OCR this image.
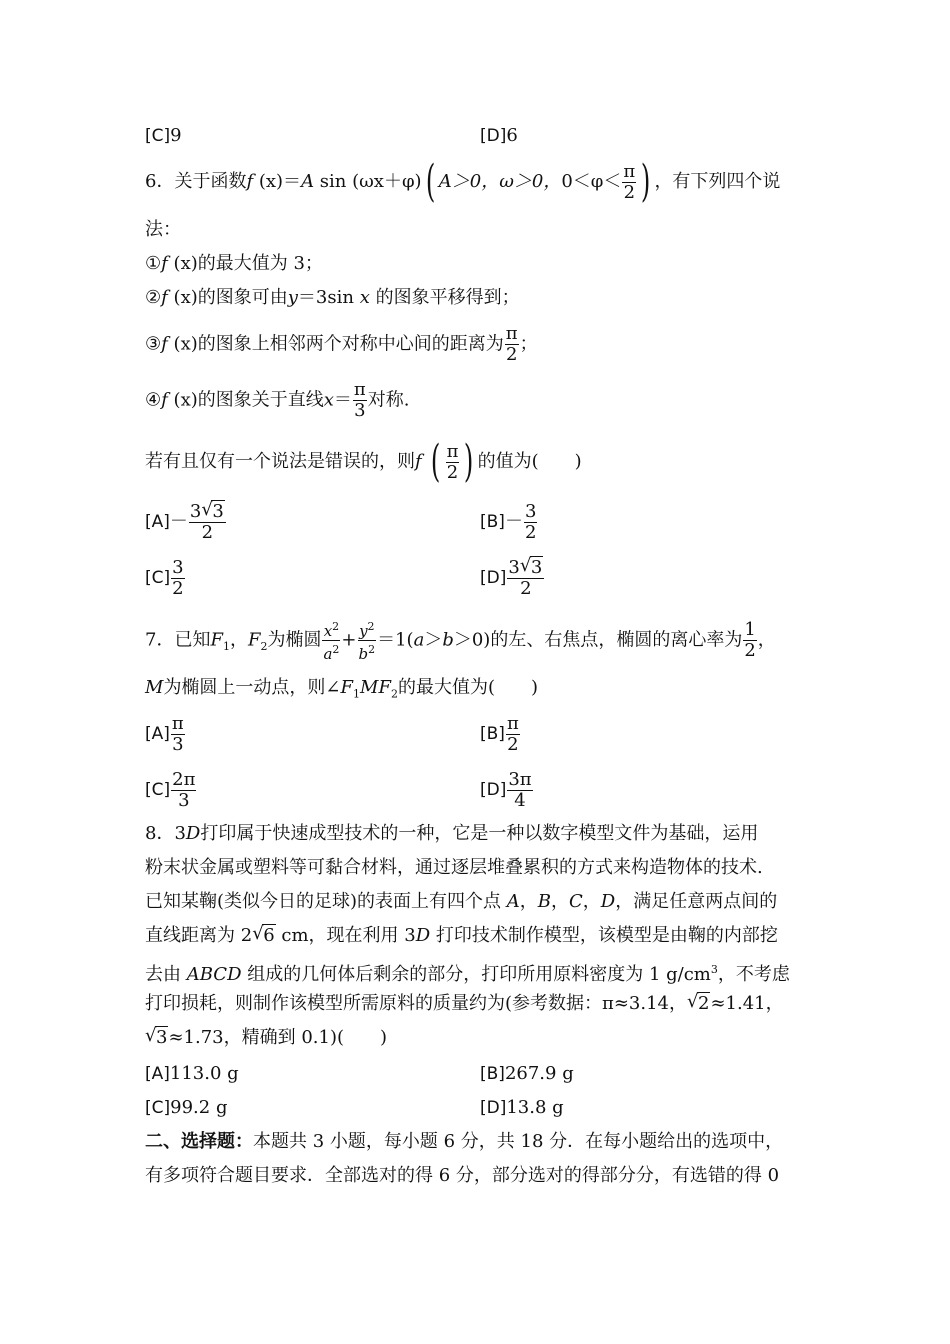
[C]9	[D]6
6．关于函数f (x)＝A sin (ωx＋φ)( A＞0，ω＞0，$0<\varphi< \frac{\pi}{2}$ ) ，有下列四个说
法：
①f (x)的最大值为 3；
②f (x)的图象可由y＝3sin x 的图象平移得到；
③f (x)的图象上相邻两个对称中心间的距离为 $\frac{\pi}{2}$ ；
④f (x)的图象关于直线$x= \frac{\pi}{3}$ 对称.
若有且仅有一个说法是错误的，则f ( $\frac{\pi}{2}$ ) 的值为(　　)
$[A]- \frac{3 √ 3}{2}$	$[B]- \frac{3}{2}$
$[C] \frac{3}{2}$	$[D] \frac{3 √ 3}{2}$
7．已知$F_1$，$F_2$为椭圆 $\frac{x^2}{a^2} + \frac{y^2}{b^2} =1(a>b>0)$的左、右焦点，椭圆的离心率为 $\frac{1}{2}$ ，
M为椭圆上一动点，则$\angle F_1MF_2$的最大值为(　　)
$[A] \frac{\pi}{3}$	$[B] \frac{\pi}{2}$
$[C] \frac{2\pi}{3}$	$[D] \frac{3\pi}{4}$
8．3D打印属于快速成型技术的一种，它是一种以数字模型文件为基础，运用
粉末状金属或塑料等可黏合材料，通过逐层堆叠累积的方式来构造物体的技术.
已知某鞠(类似今日的足球)的表面上有四个点 A，B，C，D，满足任意两点间的
直线距离为 2 √ 6 cm，现在利用 3D 打印技术制作模型，该模型是由鞠的内部挖
去由 ABCD 组成的几何体后剩余的部分，打印所用原料密度为 1 $g/cm^3$，不考虑
打印损耗，则制作该模型所需原料的质量约为(参考数据：π≈3.14， √ 2≈1.41，
√ 3≈1.73，精确到 0.1)(　　)
[A]113.0 g	[B]267.9 g
[C]99.2 g	[D]13.8 g
二、选择题：本题共 3 小题，每小题 6 分，共 18 分．在每小题给出的选项中，
有多项符合题目要求．全部选对的得 6 分，部分选对的得部分分，有选错的得 0
